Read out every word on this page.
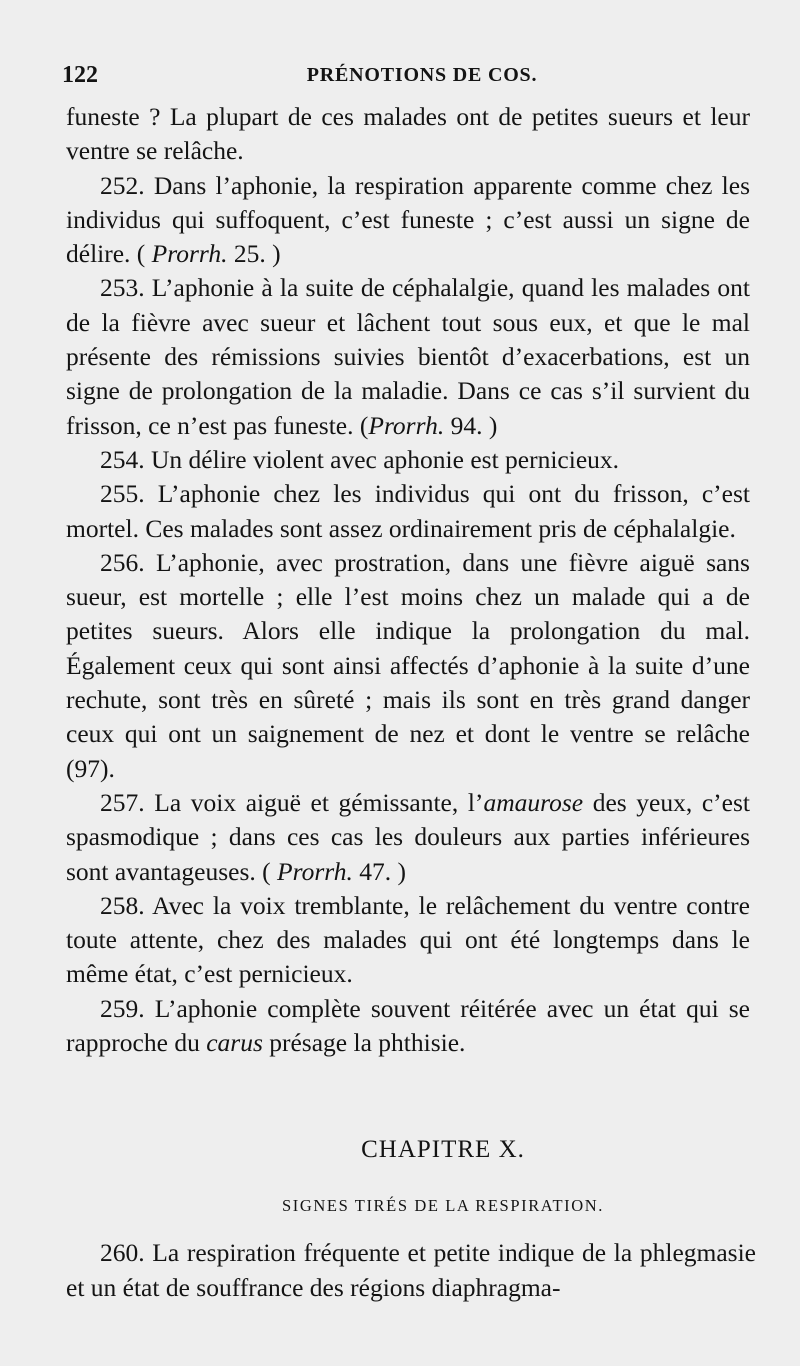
122	PRÉNOTIONS DE COS.

funeste ? La plupart de ces malades ont de petites sueurs et leur ventre se relâche.

252. Dans l’aphonie, la respiration apparente comme chez les individus qui suffoquent, c’est funeste ; c’est aussi un signe de délire. ( Prorrh. 25. )

253. L’aphonie à la suite de céphalalgie, quand les malades ont de la fièvre avec sueur et lâchent tout sous eux, et que le mal présente des rémissions suivies bientôt d’exacerbations, est un signe de prolongation de la maladie. Dans ce cas s’il survient du frisson, ce n’est pas funeste. (Prorrh. 94. )

254. Un délire violent avec aphonie est pernicieux.

255. L’aphonie chez les individus qui ont du frisson, c’est mortel. Ces malades sont assez ordinairement pris de céphalalgie.

256. L’aphonie, avec prostration, dans une fièvre aiguë sans sueur, est mortelle ; elle l’est moins chez un malade qui a de petites sueurs. Alors elle indique la prolongation du mal. Également ceux qui sont ainsi affectés d’aphonie à la suite d’une rechute, sont très en sûreté ; mais ils sont en très grand danger ceux qui ont un saignement de nez et dont le ventre se relâche (97).

257. La voix aiguë et gémissante, l’amaurose des yeux, c’est spasmodique ; dans ces cas les douleurs aux parties inférieures sont avantageuses. ( Prorrh. 47. )

258. Avec la voix tremblante, le relâchement du ventre contre toute attente, chez des malades qui ont été longtemps dans le même état, c’est pernicieux.

259. L’aphonie complète souvent réitérée avec un état qui se rapproche du carus présage la phthisie.

CHAPITRE X.
SIGNES TIRÉS DE LA RESPIRATION.

260. La respiration fréquente et petite indique de la phlegmasie et un état de souffrance des régions diaphragma-
